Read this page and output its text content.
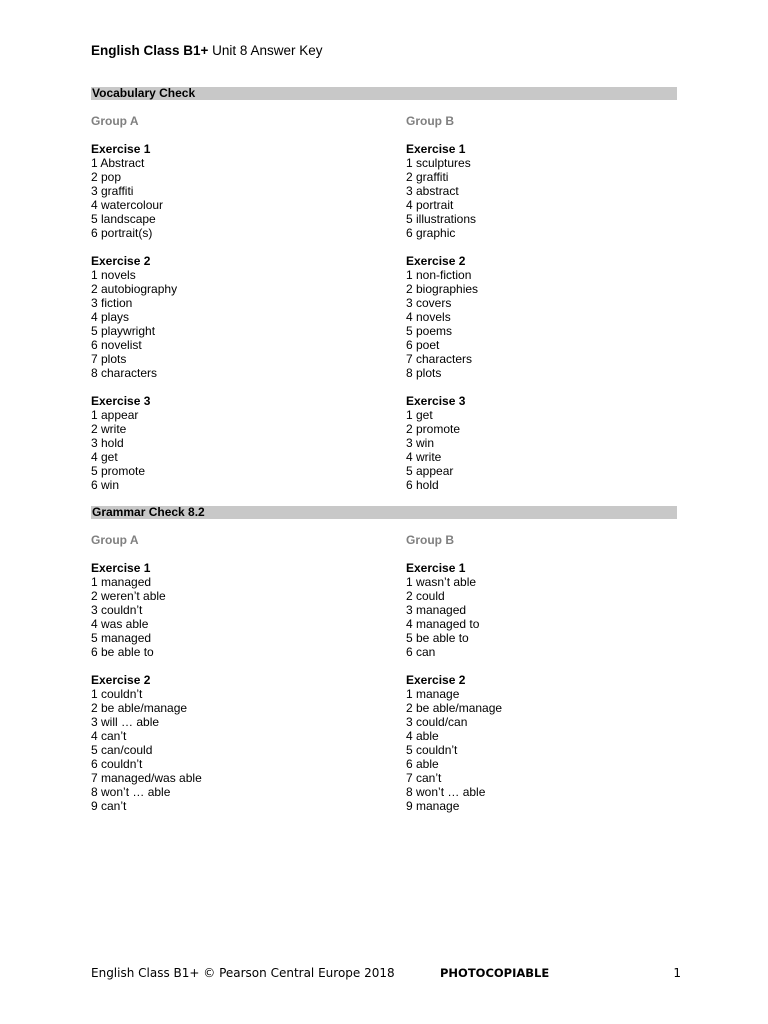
English Class B1+ Unit 8 Answer Key
Vocabulary Check
Group A
Exercise 1
1 Abstract
2 pop
3 graffiti
4 watercolour
5 landscape
6 portrait(s)
Exercise 2
1 novels
2 autobiography
3 fiction
4 plays
5 playwright
6 novelist
7 plots
8 characters
Exercise 3
1 appear
2 write
3 hold
4 get
5 promote
6 win
Group B
Exercise 1
1 sculptures
2 graffiti
3 abstract
4 portrait
5 illustrations
6 graphic
Exercise 2
1 non-fiction
2 biographies
3 covers
4 novels
5 poems
6 poet
7 characters
8 plots
Exercise 3
1 get
2 promote
3 win
4 write
5 appear
6 hold
Grammar Check 8.2
Group A
Exercise 1
1 managed
2 weren’t able
3 couldn’t
4 was able
5 managed
6 be able to
Exercise 2
1 couldn’t
2 be able/manage
3 will … able
4 can’t
5 can/could
6 couldn’t
7 managed/was able
8 won’t … able
9 can’t
Group B
Exercise 1
1 wasn’t able
2 could
3 managed
4 managed to
5 be able to
6 can
Exercise 2
1 manage
2 be able/manage
3 could/can
4 able
5 couldn’t
6 able
7 can’t
8 won’t … able
9 manage
English Class B1+ © Pearson Central Europe 2018	PHOTOCOPIABLE	1
